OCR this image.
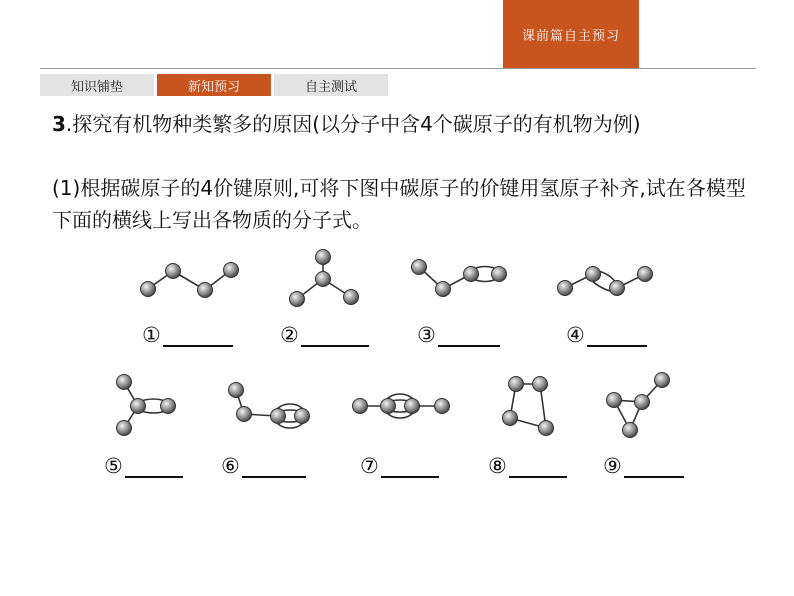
课前篇自主预习
知识铺垫	新知预习	自主测试
3.探究有机物种类繁多的原因(以分子中含4个碳原子的有机物为例)
(1)根据碳原子的4价键原则,可将下图中碳原子的价键用氢原子补齐,试在各模型下面的横线上写出各物质的分子式。
①	②	③	④
⑤	⑥	⑦	⑧	⑨
